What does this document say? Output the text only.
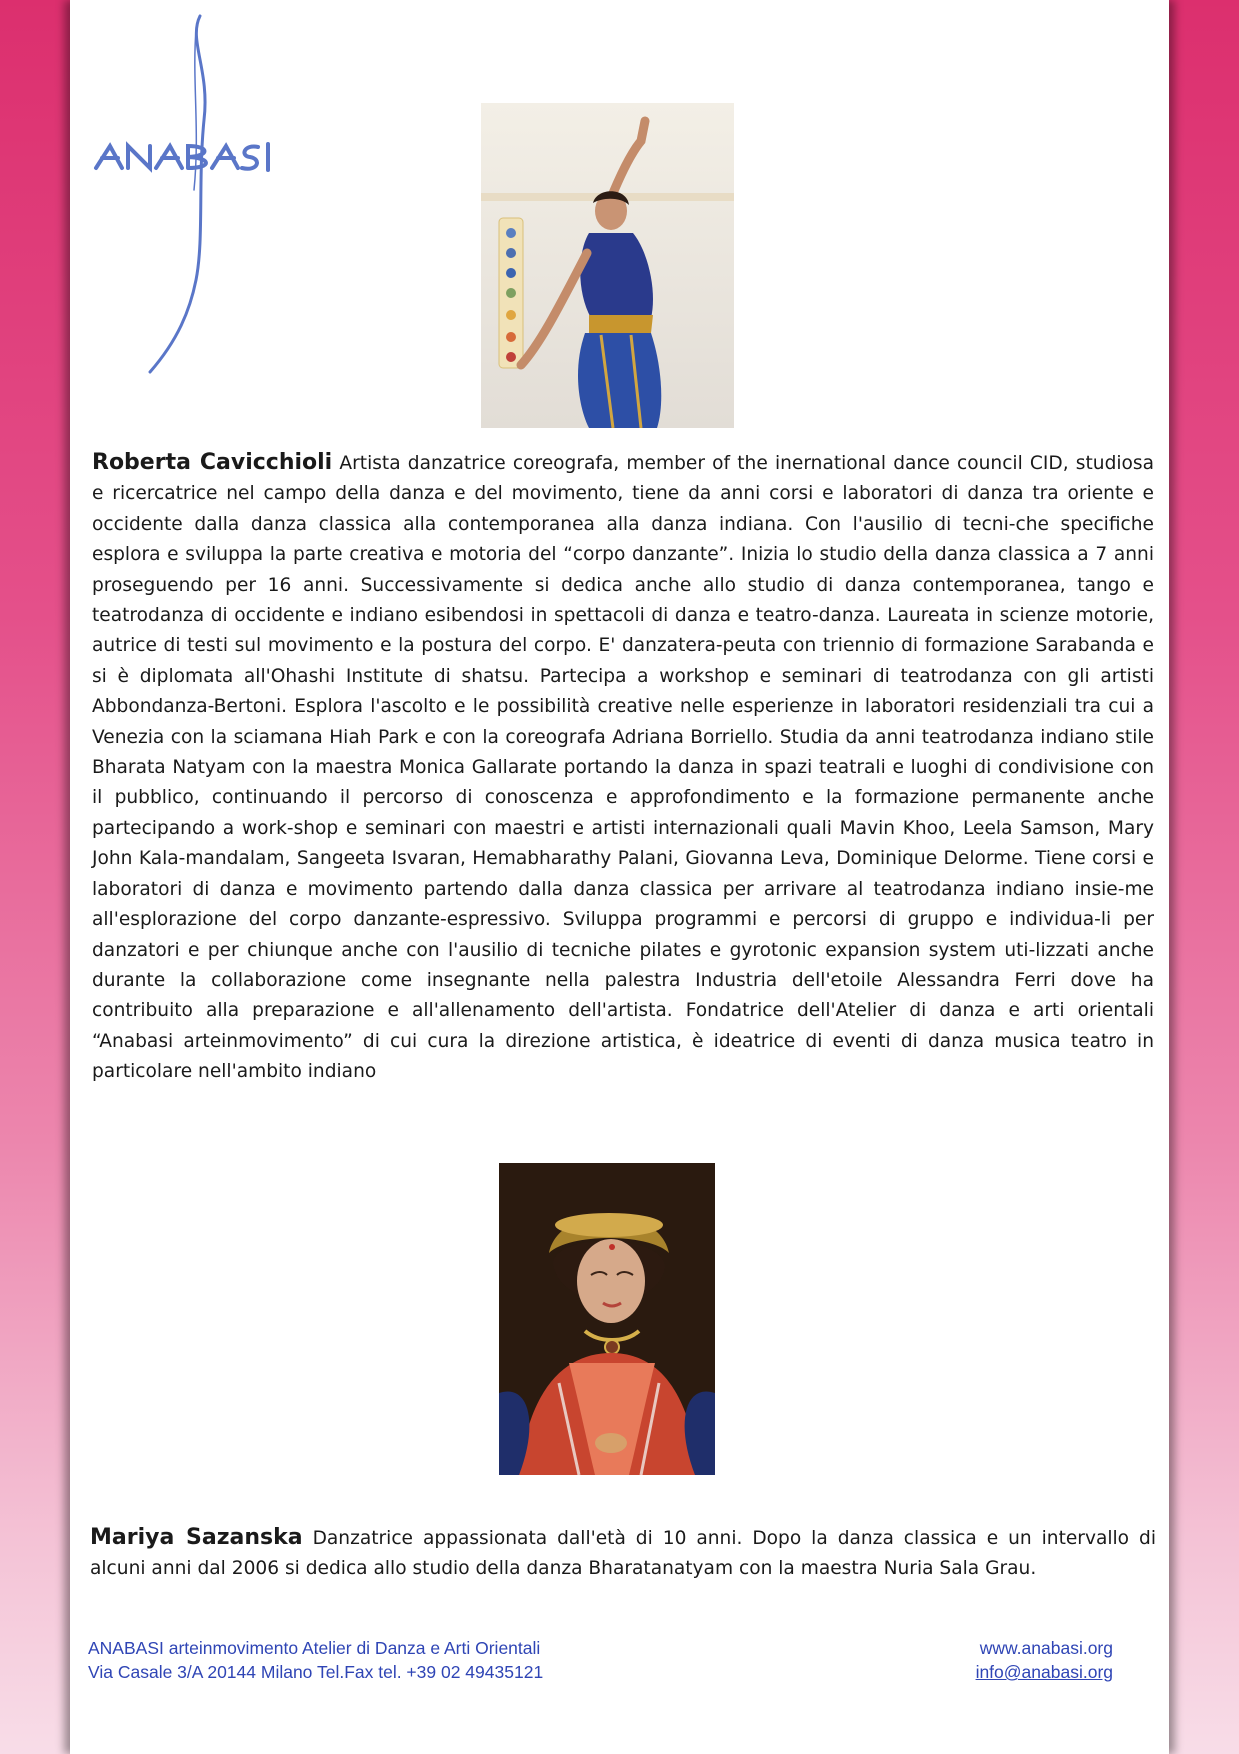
Roberta Cavicchioli Artista danzatrice coreografa, member of the inernational dance council CID, studiosa e ricercatrice nel campo della danza e del movimento, tiene da anni corsi e laboratori di danza tra oriente e occidente dalla danza classica alla contemporanea alla danza indiana. Con l'ausilio di tecni-che specifiche esplora e sviluppa la parte creativa e motoria del “corpo danzante”. Inizia lo studio della danza classica a 7 anni proseguendo per 16 anni. Successivamente si dedica anche allo studio di danza contemporanea, tango e teatrodanza di occidente e indiano esibendosi in spettacoli di danza e teatro-danza. Laureata in scienze motorie, autrice di testi sul movimento e la postura del corpo. E' danzatera-peuta con triennio di formazione Sarabanda e si è diplomata all'Ohashi Institute di shatsu. Partecipa a workshop e seminari di teatrodanza con gli artisti Abbondanza-Bertoni. Esplora l'ascolto e le possibilità creative nelle esperienze in laboratori residenziali tra cui a Venezia con la sciamana Hiah Park e con la coreografa Adriana Borriello. Studia da anni teatrodanza indiano stile Bharata Natyam con la maestra Monica Gallarate portando la danza in spazi teatrali e luoghi di condivisione con il pubblico, continuando il percorso di conoscenza e approfondimento e la formazione permanente anche partecipando a work-shop e seminari con maestri e artisti internazionali quali Mavin Khoo, Leela Samson, Mary John Kala-mandalam, Sangeeta Isvaran, Hemabharathy Palani, Giovanna Leva, Dominique Delorme. Tiene corsi e laboratori di danza e movimento partendo dalla danza classica per arrivare al teatrodanza indiano insie-me all'esplorazione del corpo danzante-espressivo. Sviluppa programmi e percorsi di gruppo e individua-li per danzatori e per chiunque anche con l'ausilio di tecniche pilates e gyrotonic expansion system uti-lizzati anche durante la collaborazione come insegnante nella palestra Industria dell'etoile Alessandra Ferri dove ha contribuito alla preparazione e all'allenamento dell'artista. Fondatrice dell'Atelier di danza e arti orientali “Anabasi arteinmovimento” di cui cura la direzione artistica, è ideatrice di eventi di danza musica teatro in particolare nell'ambito indiano

Mariya Sazanska Danzatrice appassionata dall'età di 10 anni. Dopo la danza classica e un intervallo di alcuni anni dal 2006 si dedica allo studio della danza Bharatanatyam con la maestra Nuria Sala Grau.

ANABASI arteinmovimento Atelier di Danza e Arti Orientali
Via Casale 3/A 20144 Milano Tel.Fax tel. +39 02 49435121
www.anabasi.org
info@anabasi.org
